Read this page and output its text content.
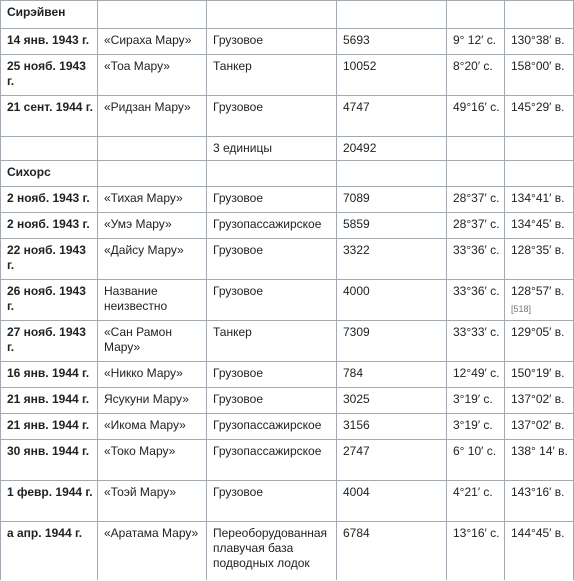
Сирэйвен					
14 янв. 1943 г.	«Сираха Мару»	Грузовое	5693	9° 12′ с.	130°38′ в.
25 нояб. 1943 г.	«Тоа Мару»	Танкер	10052	8°20′ с.	158°00′ в.
21 сент. 1944 г.	«Ридзан Мару»	Грузовое	4747	49°16′ с.	145°29′ в.
		3 единицы	20492		
Сихорс					
2 нояб. 1943 г.	«Тихая Мару»	Грузовое	7089	28°37′ с.	134°41′ в.
2 нояб. 1943 г.	«Умэ Мару»	Грузопассажирское	5859	28°37′ с.	134°45′ в.
22 нояб. 1943 г.	«Дайсу Мару»	Грузовое	3322	33°36′ с.	128°35′ в.
26 нояб. 1943 г.	Название неизвестно	Грузовое	4000	33°36′ с.	128°57′ в.
[518]
27 нояб. 1943 г.	«Сан Рамон Мару»	Танкер	7309	33°33′ с.	129°05′ в.
16 янв. 1944 г.	«Никко Мару»	Грузовое	784	12°49′ с.	150°19′ в.
21 янв. 1944 г.	Ясукуни Мару»	Грузовое	3025	3°19′ с.	137°02′ в.
21 янв. 1944 г.	«Икома Мару»	Грузопассажирское	3156	3°19′ с.	137°02′ в.
30 янв. 1944 г.	«Токо Мару»	Грузопассажирское	2747	6° 10′ с.	138° 14′ в.
1 февр. 1944 г.	«Тоэй Мару»	Грузовое	4004	4°21′ с.	143°16′ в.
а апр. 1944 г.	«Аратама Мару»	Переоборудованная плавучая база подводных лодок	6784	13°16′ с.	144°45′ в.
